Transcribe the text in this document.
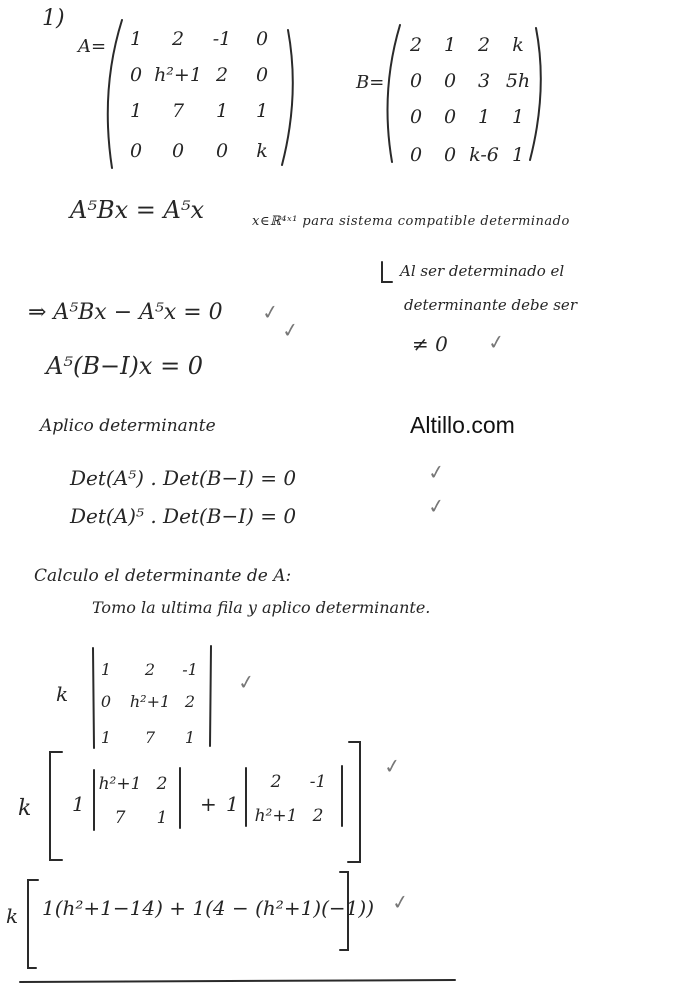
1)
A= 1 2 -1 0
0 h²+1 2 0
1 7 1 1
0 0 0 k
B=
2 1 2 k
0 0 3 5h
0 0 1 1
0 0 k-6 1
A⁵Bx = A⁵x	x∈ℝ⁴ˣ¹ para sistema compatible determinado
Al ser determinado el
determinante debe ser
≠ 0 ✓
⇒ A⁵Bx − A⁵x = 0 ✓
✓
A⁵(B−I)x = 0
Aplico determinante	Altillo.com
Det(A⁵) . Det(B−I) = 0	✓
Det(A)⁵ . Det(B−I) = 0	✓
Calculo el determinante de A:
Tomo la ultima fila y aplico determinante.
k
1 2 -1
0 h²+1 2
1 7 1
✓
k 1
h²+1 2
7 1
+ 1
2 -1
h²+1 2
✓
k 1(h²+1−14) + 1(4 − (h²+1)(−1)) ✓
